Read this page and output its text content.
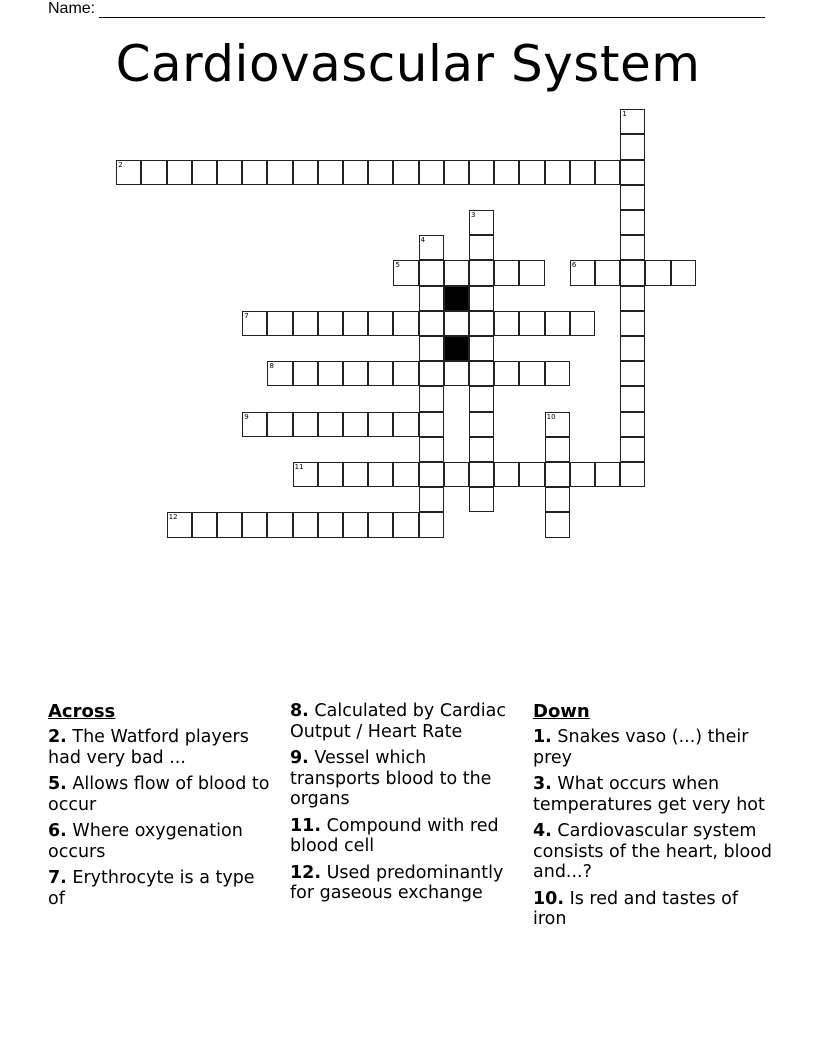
Name:
Cardiovascular System
1
2
3
4
5	6
7
8
9	10
11
12
Across
2. The Watford players had very bad ...
5. Allows flow of blood to occur
6. Where oxygenation occurs
7. Erythrocyte is a type of
8. Calculated by Cardiac Output / Heart Rate
9. Vessel which transports blood to the organs
11. Compound with red blood cell
12. Used predominantly for gaseous exchange
Down
1. Snakes vaso (...) their prey
3. What occurs when temperatures get very hot
4. Cardiovascular system consists of the heart, blood and...?
10. Is red and tastes of iron
